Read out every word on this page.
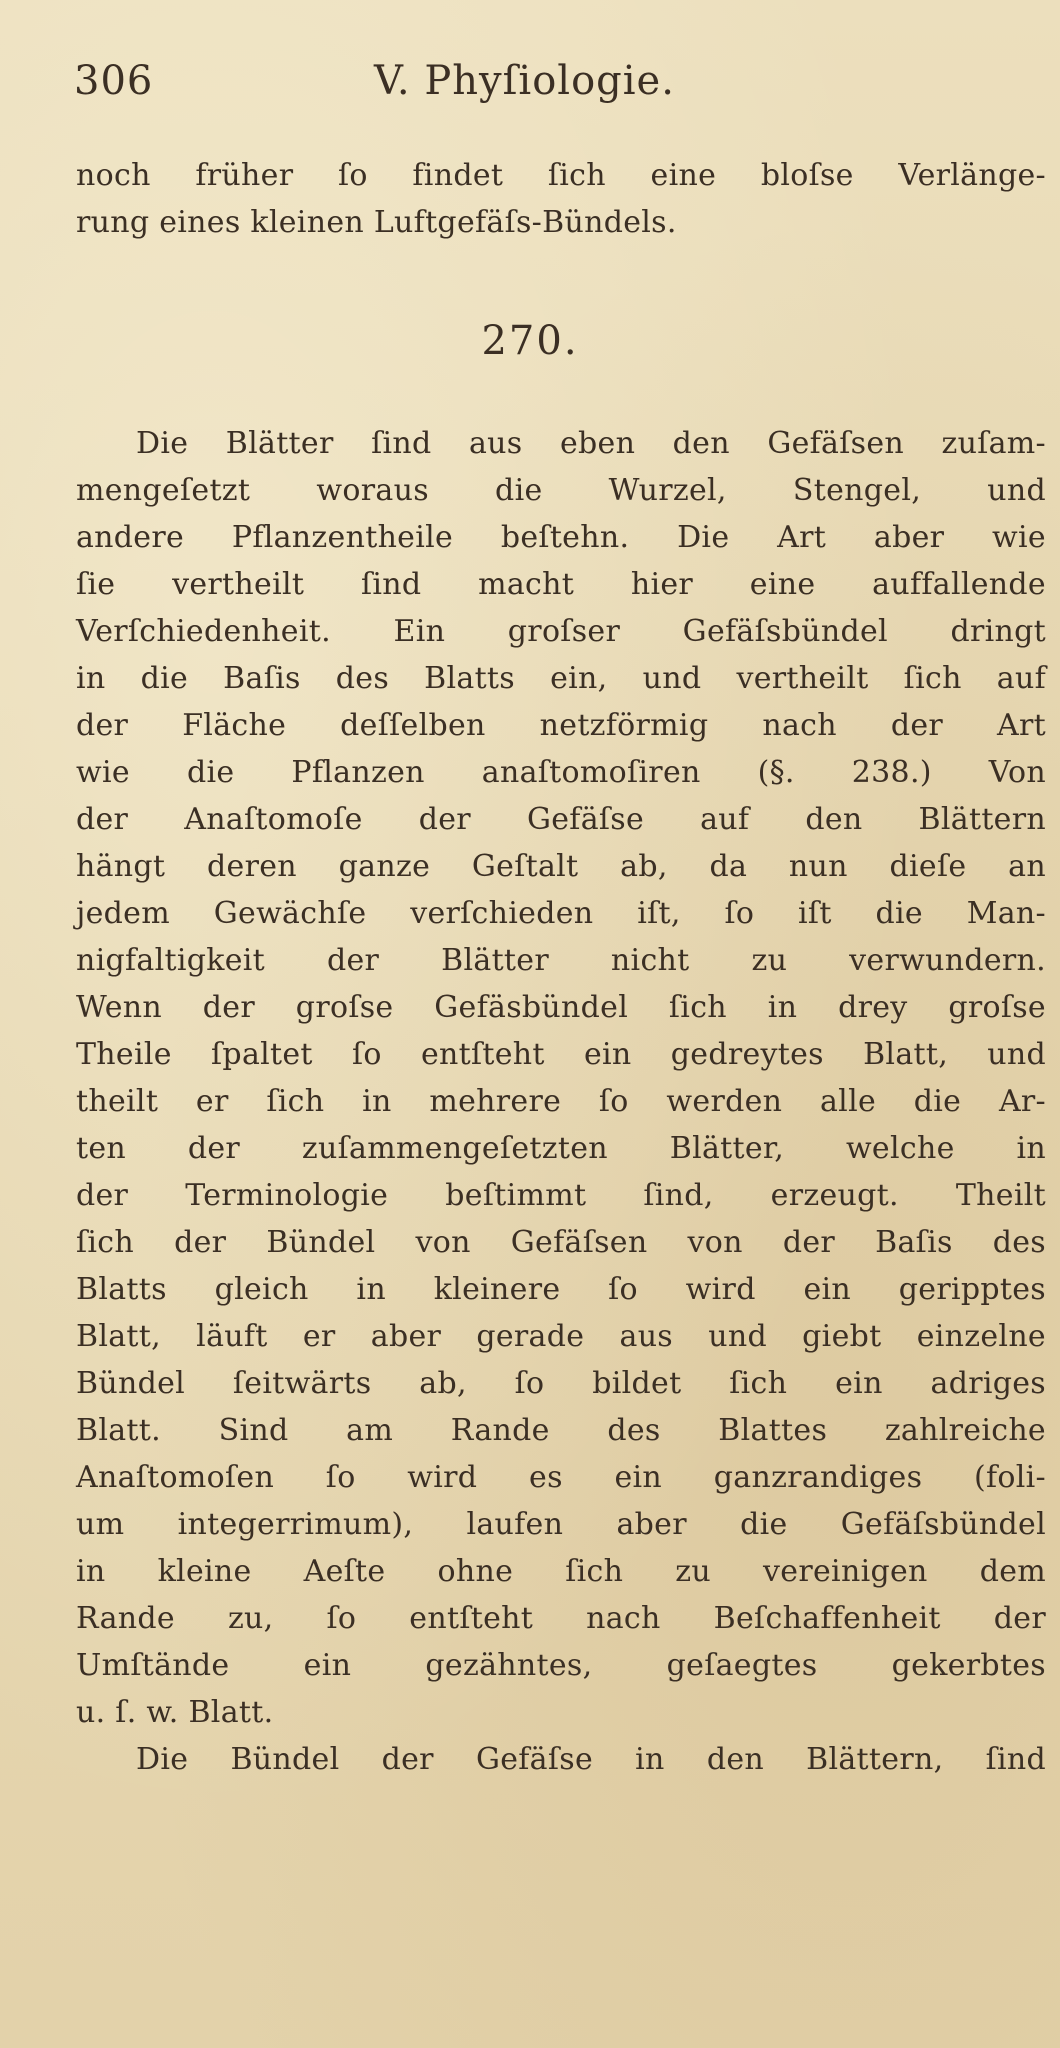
306	V. Phyſiologie.
noch früher ſo findet ſich eine bloſse Verlänge-
rung eines kleinen Luftgefäſs-Bündels.
270.
Die Blätter ſind aus eben den Gefäſsen zuſam-
mengeſetzt woraus die Wurzel, Stengel, und
andere Pflanzentheile beſtehn. Die Art aber wie
ſie vertheilt ſind macht hier eine auffallende
Verſchiedenheit. Ein groſser Gefäſsbündel dringt
in die Baſis des Blatts ein, und vertheilt ſich auf
der Fläche deſſelben netzförmig nach der Art
wie die Pflanzen anaſtomoſiren (§. 238.) Von
der Anaſtomoſe der Gefäſse auf den Blättern
hängt deren ganze Geſtalt ab, da nun dieſe an
jedem Gewächſe verſchieden iſt, ſo iſt die Man-
nigfaltigkeit der Blätter nicht zu verwundern.
Wenn der groſse Gefäsbündel ſich in drey groſse
Theile ſpaltet ſo entſteht ein gedreytes Blatt, und
theilt er ſich in mehrere ſo werden alle die Ar-
ten der zuſammengeſetzten Blätter, welche in
der Terminologie beſtimmt ſind, erzeugt. Theilt
ſich der Bündel von Gefäſsen von der Baſis des
Blatts gleich in kleinere ſo wird ein geripptes
Blatt, läuft er aber gerade aus und giebt einzelne
Bündel ſeitwärts ab, ſo bildet ſich ein adriges
Blatt. Sind am Rande des Blattes zahlreiche
Anaſtomoſen ſo wird es ein ganzrandiges (foli-
um integerrimum), laufen aber die Gefäſsbündel
in kleine Aeſte ohne ſich zu vereinigen dem
Rande zu, ſo entſteht nach Beſchaffenheit der
Umſtände ein gezähntes, geſaegtes gekerbtes
u. ſ. w. Blatt.
Die Bündel der Gefäſse in den Blättern, ſind
